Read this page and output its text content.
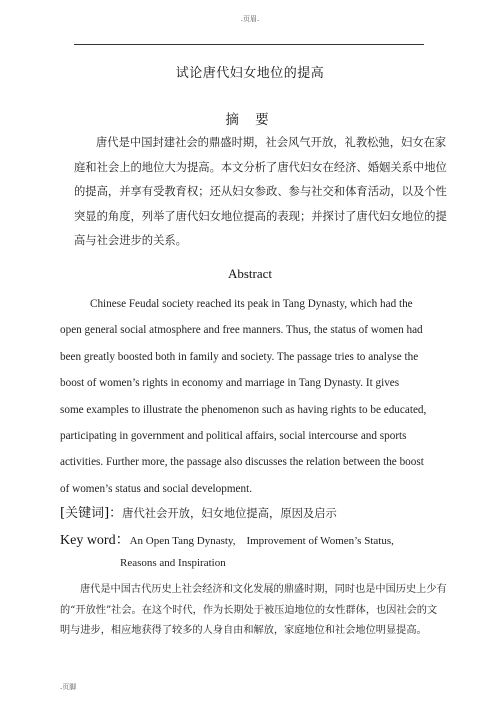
.页眉.
试论唐代妇女地位的提高
摘 要
唐代是中国封建社会的鼎盛时期，社会风气开放，礼教松弛，妇女在家
庭和社会上的地位大为提高。本文分析了唐代妇女在经济、婚姻关系中地位
的提高，并享有受教育权；还从妇女参政、参与社交和体育活动，以及个性
突显的角度，列举了唐代妇女地位提高的表现；并探讨了唐代妇女地位的提
高与社会进步的关系。
Abstract
Chinese Feudal society reached its peak in Tang Dynasty, which had the
open general social atmosphere and free manners. Thus, the status of women had
been greatly boosted both in family and society. The passage tries to analyse the
boost of women’s rights in economy and marriage in Tang Dynasty. It gives
some examples to illustrate the phenomenon such as having rights to be educated,
participating in government and political affairs, social intercourse and sports
activities. Further more, the passage also discusses the relation between the boost
of women’s status and social development.
[关键词]：唐代社会开放，妇女地位提高，原因及启示
Key word：An Open Tang Dynasty,    Improvement of Women’s Status,
Reasons and Inspiration
唐代是中国古代历史上社会经济和文化发展的鼎盛时期，同时也是中国历史上少有
的“开放性”社会。在这个时代，作为长期处于被压迫地位的女性群体，也因社会的文
明与进步，相应地获得了较多的人身自由和解放，家庭地位和社会地位明显提高。
.页脚
